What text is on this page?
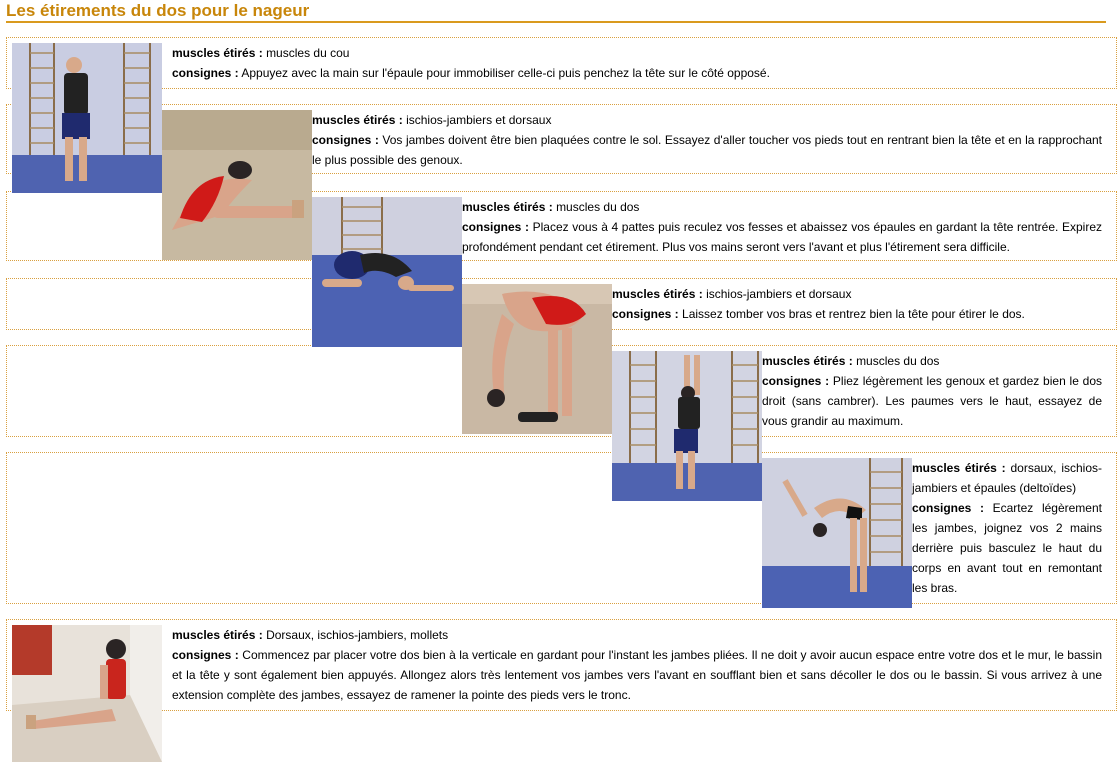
Les étirements du dos pour le nageur
muscles étirés : muscles du cou
consignes : Appuyez avec la main sur l'épaule pour immobiliser celle-ci puis penchez la tête sur le côté opposé.
muscles étirés : ischios-jambiers et dorsaux
consignes : Vos jambes doivent être bien plaquées contre le sol. Essayez d'aller toucher vos pieds tout en rentrant bien la tête et en la rapprochant le plus possible des genoux.
muscles étirés : muscles du dos
consignes : Placez vous à 4 pattes puis reculez vos fesses et abaissez vos épaules en gardant la tête rentrée. Expirez profondément pendant cet étirement. Plus vos mains seront vers l'avant et plus l'étirement sera difficile.
muscles étirés : ischios-jambiers et dorsaux
consignes : Laissez tomber vos bras et rentrez bien la tête pour étirer le dos.
muscles étirés : muscles du dos
consignes : Pliez légèrement les genoux et gardez bien le dos droit (sans cambrer). Les paumes vers le haut, essayez de vous grandir au maximum.
muscles étirés : dorsaux, ischios-jambiers et épaules (deltoïdes)
consignes : Ecartez légèrement les jambes, joignez vos 2 mains derrière puis basculez le haut du corps en avant tout en remontant les bras.
muscles étirés : Dorsaux, ischios-jambiers, mollets
consignes : Commencez par placer votre dos bien à la verticale en gardant pour l'instant les jambes pliées. Il ne doit y avoir aucun espace entre votre dos et le mur, le bassin et la tête y sont également bien appuyés. Allongez alors très lentement vos jambes vers l'avant en soufflant bien et sans décoller le dos ou le bassin. Si vous arrivez à une extension complète des jambes, essayez de ramener la pointe des pieds vers le tronc.
